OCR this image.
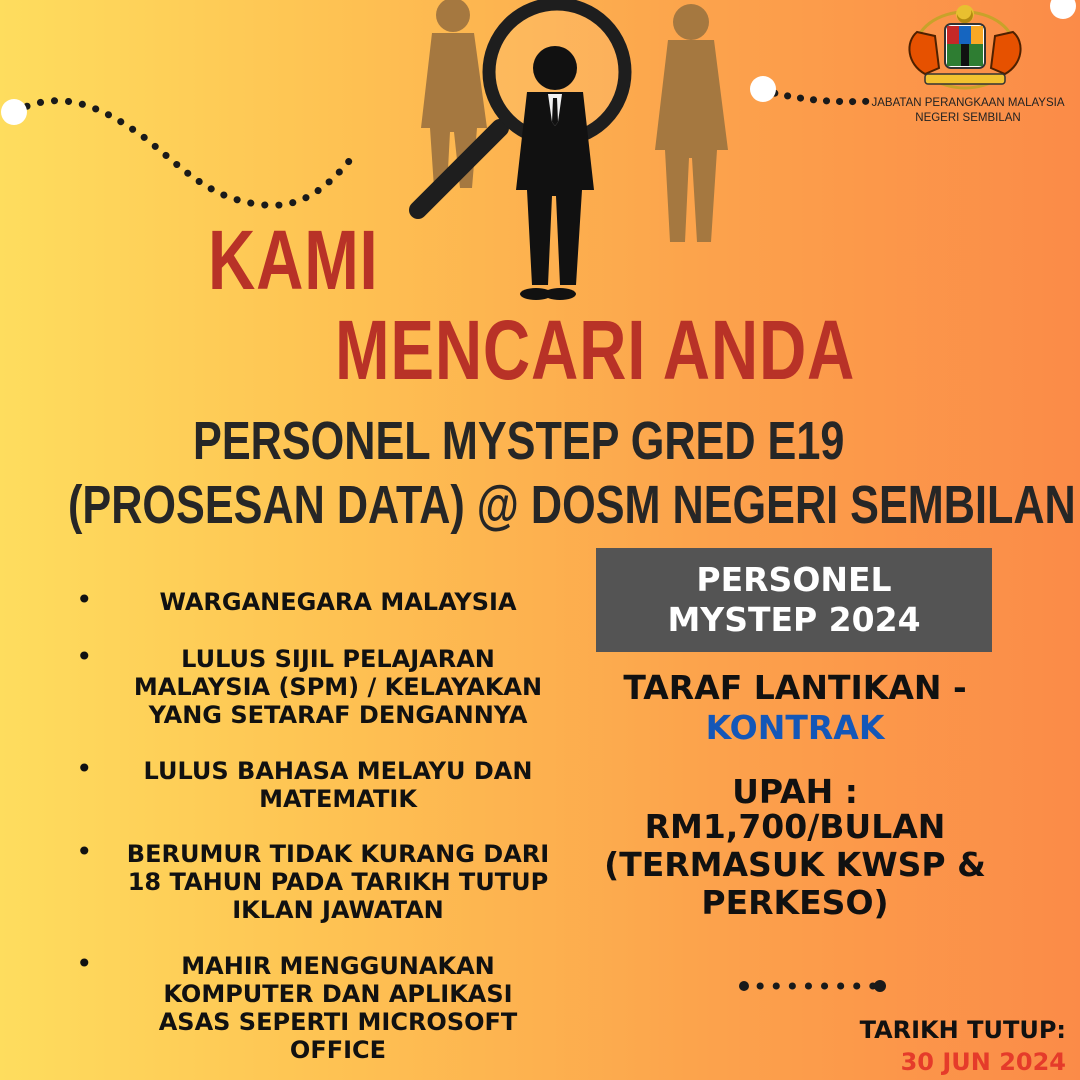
JABATAN PERANGKAAN MALAYSIA
NEGERI SEMBILAN
KAMI
MENCARI ANDA
PERSONEL MYSTEP GRED E19
(PROSESAN DATA) @ DOSM NEGERI SEMBILAN
•	WARGANEGARA MALAYSIA
•	LULUS SIJIL PELAJARAN
MALAYSIA (SPM) / KELAYAKAN
YANG SETARAF DENGANNYA
•	LULUS BAHASA MELAYU DAN
MATEMATIK
•	BERUMUR TIDAK KURANG DARI
18 TAHUN PADA TARIKH TUTUP
IKLAN JAWATAN
•	MAHIR MENGGUNAKAN
KOMPUTER DAN APLIKASI
ASAS SEPERTI MICROSOFT
OFFICE
PERSONEL
MYSTEP 2024
TARAF LANTIKAN -
KONTRAK
UPAH :
RM1,700/BULAN
(TERMASUK KWSP &
PERKESO)
TARIKH TUTUP:
30 JUN 2024
